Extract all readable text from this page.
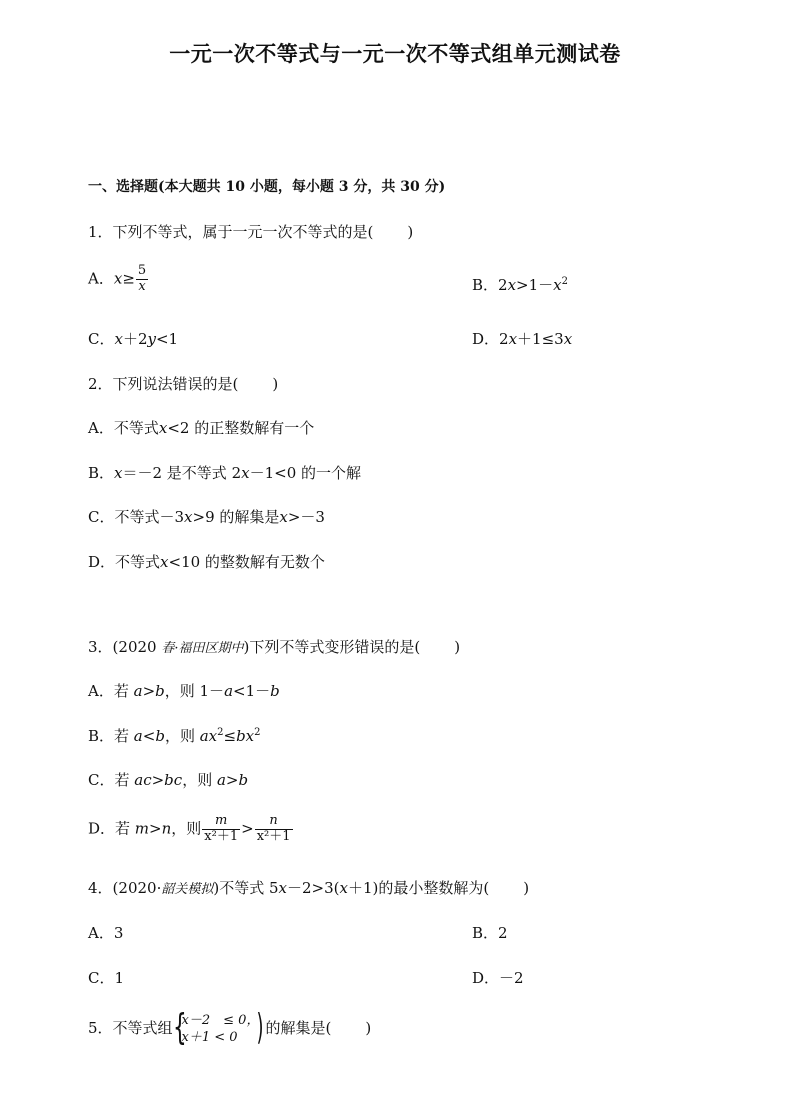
一元一次不等式与一元一次不等式组单元测试卷
一、选择题(本大题共 10 小题，每小题 3 分，共 30 分)
1．下列不等式，属于一元一次不等式的是( )
A．$x\ge \frac{5}{x}$	B．$2x>1-x^2$
C．x＋2y<1	D．2x＋1≤3x
2．下列说法错误的是( )
A．不等式x<2 的正整数解有一个
B．x＝－2 是不等式 2x－1<0 的一个解
C．不等式－3x>9 的解集是x>－3
D．不等式x<10 的整数解有无数个
3．(2020 春·福田区期中)下列不等式变形错误的是( )
A．若 a>b，则 1－a<1－b
B．若 a<b，则 $ax^2\le bx^2$
C．若 ac>bc，则 a>b
D．若 m>n，则 $\frac{m}{\text{x²＋1}} > \frac{n}{\text{x²＋1}}$
4．(2020·韶关模拟)不等式 5x－2>3(x＋1)的最小整数解为( )
A．3	B．2
C．1	D．－2
5．不等式组 {
x－2　≤ 0，
x＋1 < 0 ) 的解集是( )
